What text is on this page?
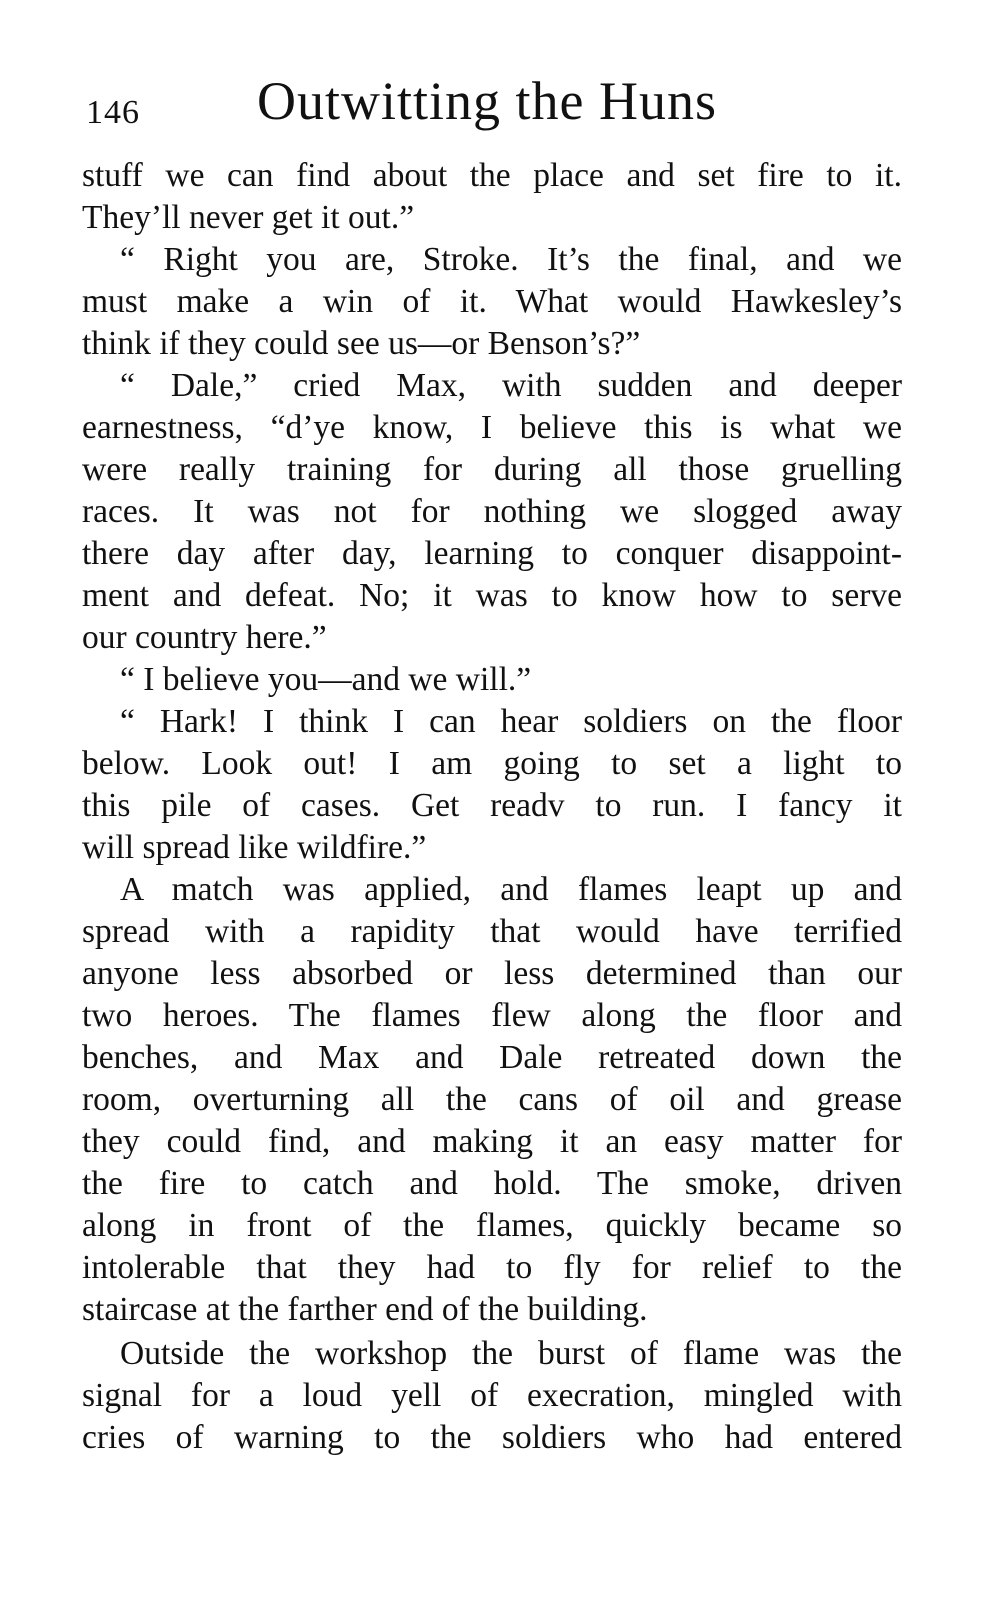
146 Outwitting the Huns
stuff we can find about the place and set fire to it.
They’ll never get it out.”
“ Right you are, Stroke. It’s the final, and we
must make a win of it. What would Hawkesley’s
think if they could see us—or Benson’s?”
“ Dale,” cried Max, with sudden and deeper
earnestness, “d’ye know, I believe this is what we
were really training for during all those gruelling
races. It was not for nothing we slogged away
there day after day, learning to conquer disappoint-
ment and defeat. No; it was to know how to serve
our country here.”
“ I believe you—and we will.”
“ Hark! I think I can hear soldiers on the floor
below. Look out! I am going to set a light to
this pile of cases. Get readv to run. I fancy it
will spread like wildfire.”
A match was applied, and flames leapt up and
spread with a rapidity that would have terrified
anyone less absorbed or less determined than our
two heroes. The flames flew along the floor and
benches, and Max and Dale retreated down the
room, overturning all the cans of oil and grease
they could find, and making it an easy matter for
the fire to catch and hold. The smoke, driven
along in front of the flames, quickly became so
intolerable that they had to fly for relief to the
staircase at the farther end of the building.
Outside the workshop the burst of flame was the
signal for a loud yell of execration, mingled with
cries of warning to the soldiers who had entered
